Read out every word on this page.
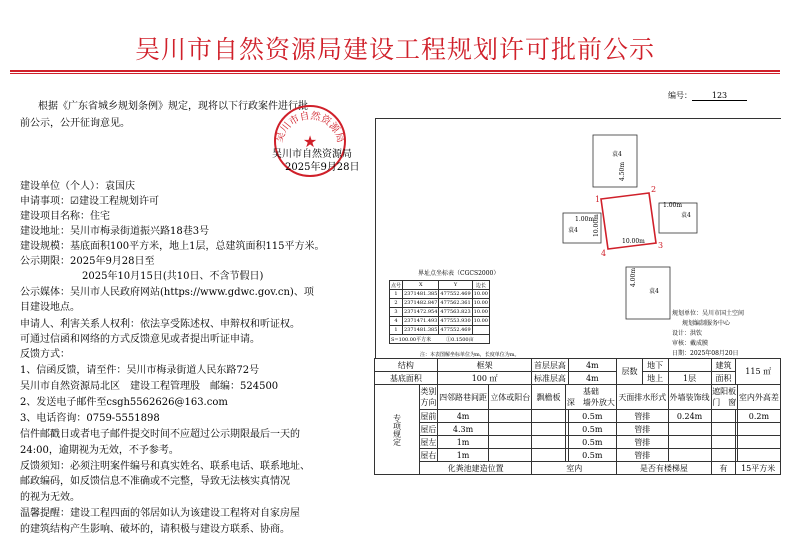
吴川市自然资源局建设工程规划许可批前公示
编号： 123
根据《广东省城乡规划条例》规定，现将以下行政案件进行批
前公示，公开征询意见。
吴川市自然资源局
★
吴川市自然资源局
2025年9月28日
建设单位（个人）：袁国庆
申请事项：☑建设工程规划许可
建设项目名称：住宅
建设地址：吴川市梅录街道振兴路18巷3号
建设规模：基底面积100平方米，地上1层，总建筑面积115平方米。
公示期限：2025年9月28日至
2025年10月15日(共10日、不含节假日)
公示媒体：吴川市人民政府网站(https://www.gdwc.gov.cn)、项
目建设地点。
申请人、利害关系人权利：依法享受陈述权、申辩权和听证权。
可通过信函和网络的方式反馈意见或者提出听证申请。
反馈方式：
1、信函反馈，请至件：吴川市梅录街道人民东路72号
吴川市自然资源局北区　建设工程管理股　邮编：524500
2、发送电子邮件至csgh5562626@163.com
3、电话咨询：0759-5551898
信件邮戳日或者电子邮件提交时间不应超过公示期限最后一天的
24:00，逾期视为无效，不予参考。
反馈须知：必须注明案件编号和真实姓名、联系电话、联系地址、
邮政编码，如反馈信息不准确或不完整，导致无法核实真情况
的视为无效。
温馨提醒：建设工程四面的邻居如认为该建设工程将对自家房屋
的建筑结构产生影响、破坏的，请积极与建设方联系、协商。
1
2
3
4
袁4
袁4
袁4
袁4
4.50m
1.00m
10.00m
1.00m
10.00m
4.00m
规划单位：吴川市国土空间
规划编制服务中心
设计：洪钦
审核：戴成膜
日期：2025年08月20日
界址点坐标表（CGCS2000）
点号	X	Y	边长
1	2371481.385	477552.469	10.00
2	2371482.847	477562.361	10.00
3	2371472.954	477563.823	10.00
4	2371471.493	477553.930	10.00
1	2371481.385	477552.469	
S=100.00平方米　　　①0.1500亩			
注：本表图解坐标单位为m，长度单位为m。
结构		框架		首层层高		4m	层数	地下		建筑	115 ㎡	
基底面积		100 ㎡		标准层高		4m		地上	1层	面积		
专项规定	类别
方向	四邻路巷间距	立体或阳台	飘檐板	基础
深　 墙外放大		天面排水形式		外墙装饰线	遮阳板
门　 窗		室内外高差
	屋前	4m				0.5m	管排		0.24m			0.2m
	屋后	4.3m				0.5m	管排					
	屋左	1m				0.5m	管排					
	屋右	1m				0.5m	管排					
	化粪池建造位置			室内			是否有楼梯屋			有	15平方米	
